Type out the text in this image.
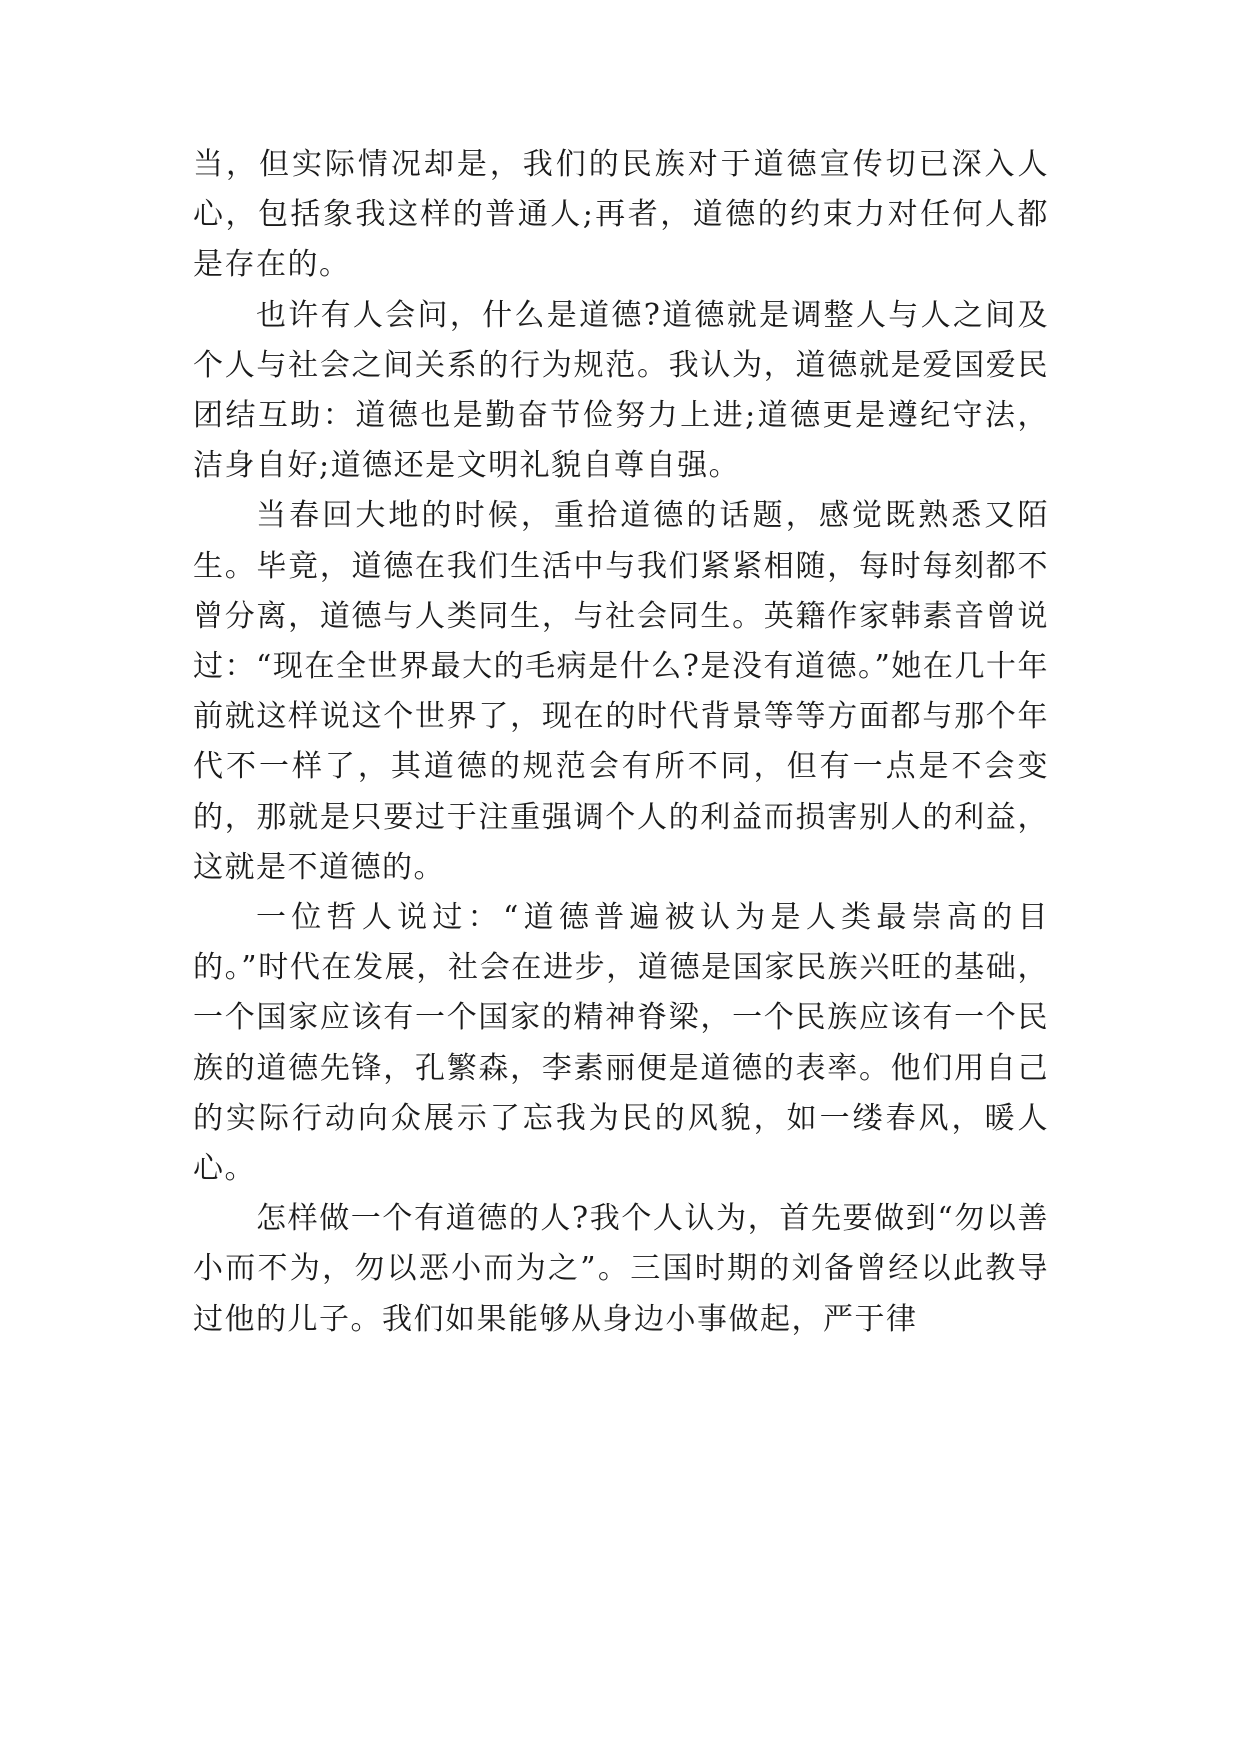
当，但实际情况却是，我们的民族对于道德宣传切已深入人心，包括象我这样的普通人;再者，道德的约束力对任何人都是存在的。

也许有人会问，什么是道德?道德就是调整人与人之间及个人与社会之间关系的行为规范。我认为，道德就是爱国爱民团结互助：道德也是勤奋节俭努力上进;道德更是遵纪守法，洁身自好;道德还是文明礼貌自尊自强。

当春回大地的时候，重拾道德的话题，感觉既熟悉又陌生。毕竟，道德在我们生活中与我们紧紧相随，每时每刻都不曾分离，道德与人类同生，与社会同生。英籍作家韩素音曾说过：“现在全世界最大的毛病是什么?是没有道德。”她在几十年前就这样说这个世界了，现在的时代背景等等方面都与那个年代不一样了，其道德的规范会有所不同，但有一点是不会变的，那就是只要过于注重强调个人的利益而损害别人的利益，这就是不道德的。

一位哲人说过：“道德普遍被认为是人类最崇高的目的。”时代在发展，社会在进步，道德是国家民族兴旺的基础，一个国家应该有一个国家的精神脊梁，一个民族应该有一个民族的道德先锋，孔繁森，李素丽便是道德的表率。他们用自己的实际行动向众展示了忘我为民的风貌，如一缕春风，暖人心。

怎样做一个有道德的人?我个人认为，首先要做到“勿以善小而不为，勿以恶小而为之”。三国时期的刘备曾经以此教导过他的儿子。我们如果能够从身边小事做起，严于律
